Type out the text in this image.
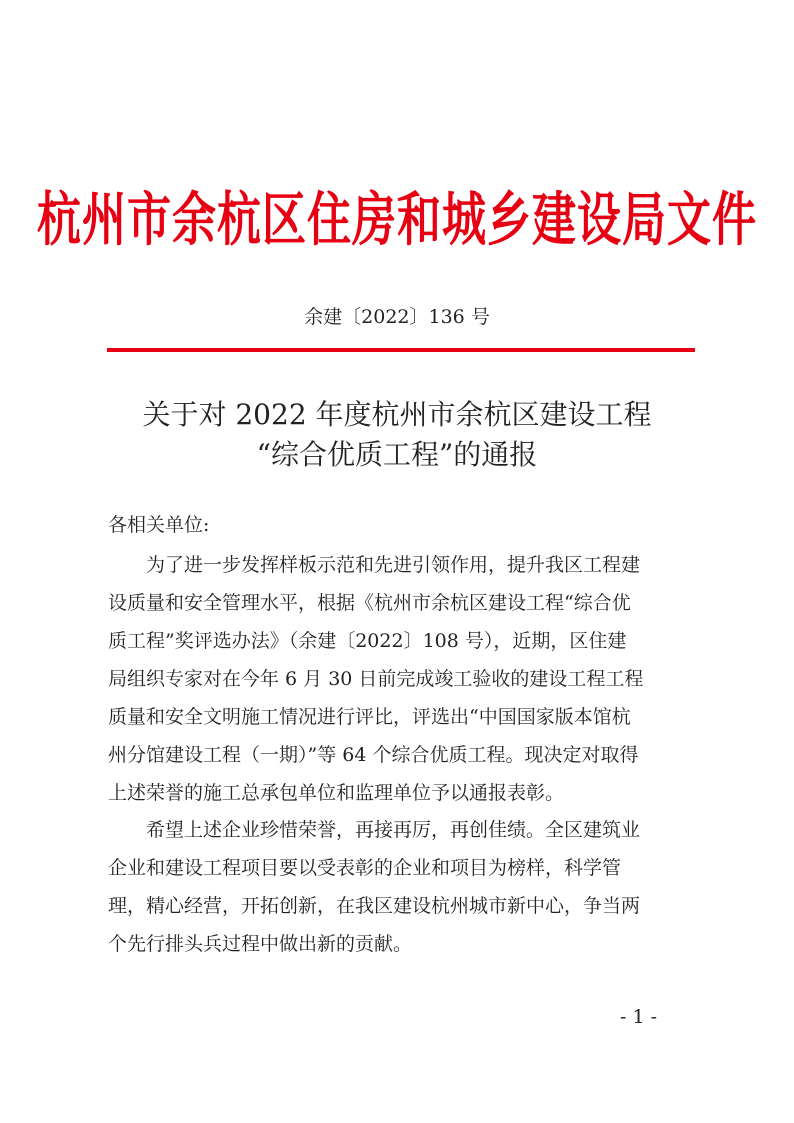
杭州市余杭区住房和城乡建设局文件
余建〔2022〕136 号
关于对 2022 年度杭州市余杭区建设工程
“综合优质工程”的通报
各相关单位:
为了进一步发挥样板示范和先进引领作用，提升我区工程建
设质量和安全管理水平，根据《杭州市余杭区建设工程“综合优
质工程”奖评选办法》（余建〔2022〕108 号），近期，区住建
局组织专家对在今年 6 月 30 日前完成竣工验收的建设工程工程
质量和安全文明施工情况进行评比，评选出“中国国家版本馆杭
州分馆建设工程（一期）”等 64 个综合优质工程。现决定对取得
上述荣誉的施工总承包单位和监理单位予以通报表彰。
希望上述企业珍惜荣誉，再接再厉，再创佳绩。全区建筑业
企业和建设工程项目要以受表彰的企业和项目为榜样，科学管
理，精心经营，开拓创新，在我区建设杭州城市新中心，争当两
个先行排头兵过程中做出新的贡献。
- 1 -
